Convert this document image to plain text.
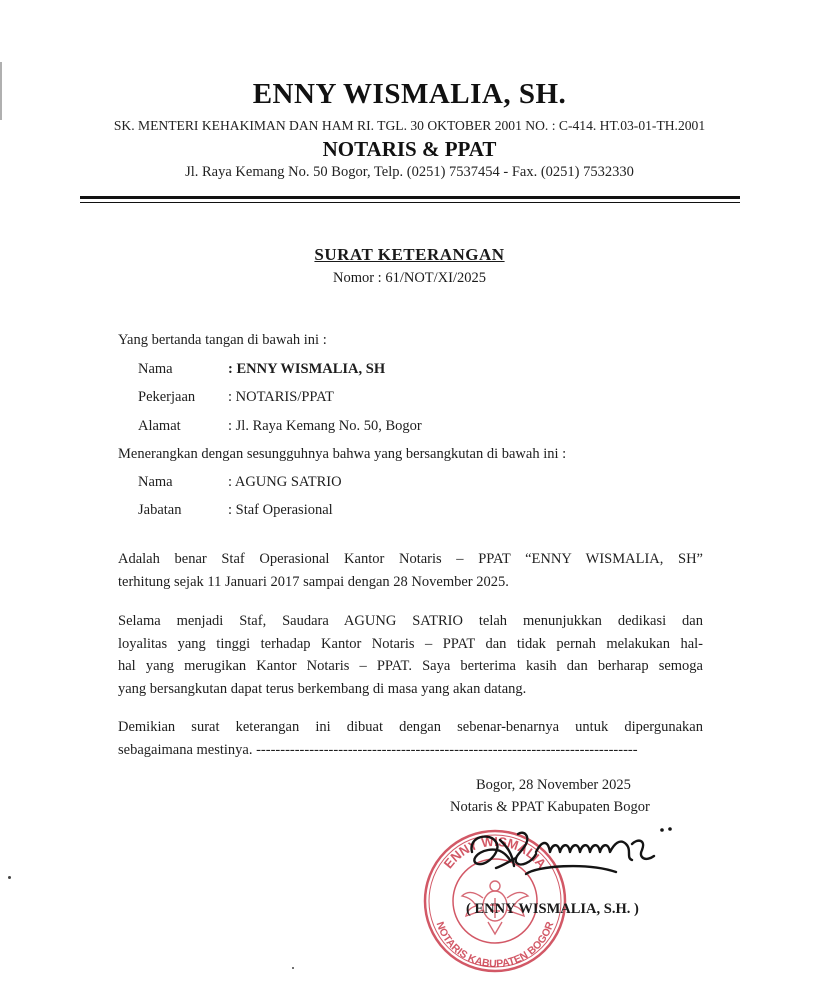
ENNY WISMALIA, SH.
SK. MENTERI KEHAKIMAN DAN HAM RI. TGL. 30 OKTOBER 2001 NO. : C-414. HT.03-01-TH.2001
NOTARIS & PPAT
Jl. Raya Kemang No. 50 Bogor, Telp. (0251) 7537454 - Fax. (0251) 7532330
SURAT KETERANGAN
Nomor : 61/NOT/XI/2025
Yang bertanda tangan di bawah ini :
Nama	: ENNY WISMALIA, SH
Pekerjaan : NOTARIS/PPAT
Alamat	: Jl. Raya Kemang No. 50, Bogor
Menerangkan dengan sesungguhnya bahwa yang bersangkutan di bawah ini :
Nama	: AGUNG SATRIO
Jabatan	: Staf Operasional
Adalah benar Staf Operasional Kantor Notaris – PPAT “ENNY WISMALIA, SH”
terhitung sejak 11 Januari 2017 sampai dengan 28 November 2025.
Selama menjadi Staf, Saudara AGUNG SATRIO telah menunjukkan dedikasi dan
loyalitas yang tinggi terhadap Kantor Notaris – PPAT dan tidak pernah melakukan hal-
hal yang merugikan Kantor Notaris – PPAT. Saya berterima kasih dan berharap semoga
yang bersangkutan dapat terus berkembang di masa yang akan datang.
Demikian surat keterangan ini dibuat dengan sebenar-benarnya untuk dipergunakan
sebagaimana mestinya. -------------------------------------------------------------------------------
Bogor, 28 November 2025
Notaris & PPAT Kabupaten Bogor
ENNY WISMALIA
NOTARIS KABUPATEN BOGOR
( ENNY WISMALIA, S.H. )
